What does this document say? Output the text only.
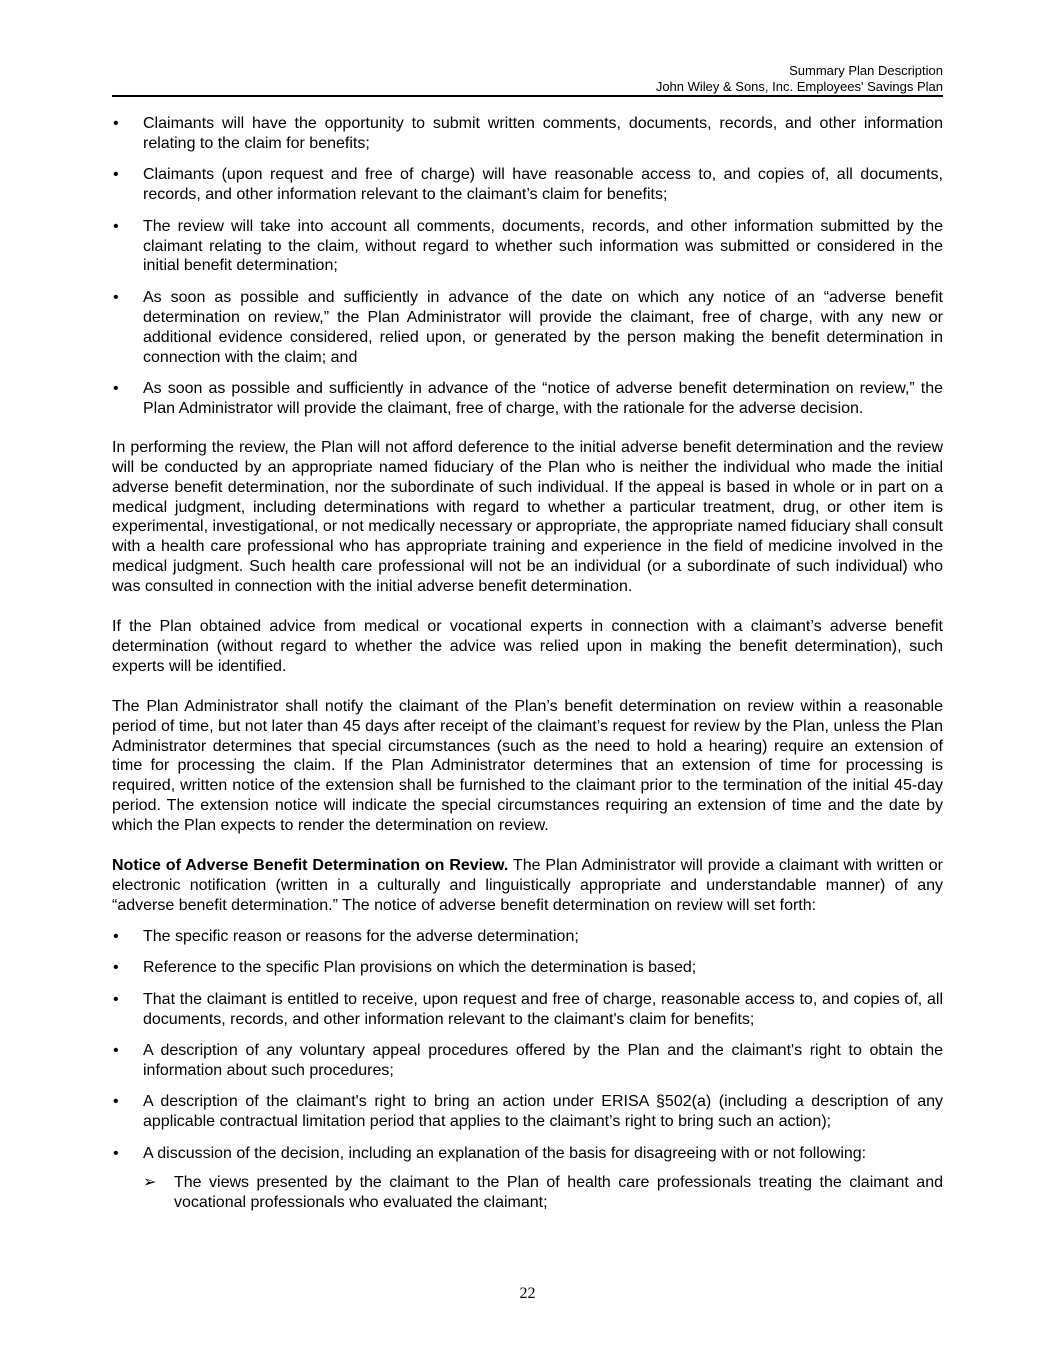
Summary Plan Description
John Wiley & Sons, Inc. Employees' Savings Plan
•	Claimants will have the opportunity to submit written comments, documents, records, and other information relating to the claim for benefits;
•	Claimants (upon request and free of charge) will have reasonable access to, and copies of, all documents, records, and other information relevant to the claimant’s claim for benefits;
•	The review will take into account all comments, documents, records, and other information submitted by the claimant relating to the claim, without regard to whether such information was submitted or considered in the initial benefit determination;
•	As soon as possible and sufficiently in advance of the date on which any notice of an “adverse benefit determination on review,” the Plan Administrator will provide the claimant, free of charge, with any new or additional evidence considered, relied upon, or generated by the person making the benefit determination in connection with the claim; and
•	As soon as possible and sufficiently in advance of the “notice of adverse benefit determination on review,” the Plan Administrator will provide the claimant, free of charge, with the rationale for the adverse decision.

In performing the review, the Plan will not afford deference to the initial adverse benefit determination and the review will be conducted by an appropriate named fiduciary of the Plan who is neither the individual who made the initial adverse benefit determination, nor the subordinate of such individual. If the appeal is based in whole or in part on a medical judgment, including determinations with regard to whether a particular treatment, drug, or other item is experimental, investigational, or not medically necessary or appropriate, the appropriate named fiduciary shall consult with a health care professional who has appropriate training and experience in the field of medicine involved in the medical judgment. Such health care professional will not be an individual (or a subordinate of such individual) who was consulted in connection with the initial adverse benefit determination.

If the Plan obtained advice from medical or vocational experts in connection with a claimant’s adverse benefit determination (without regard to whether the advice was relied upon in making the benefit determination), such experts will be identified.

The Plan Administrator shall notify the claimant of the Plan’s benefit determination on review within a reasonable period of time, but not later than 45 days after receipt of the claimant’s request for review by the Plan, unless the Plan Administrator determines that special circumstances (such as the need to hold a hearing) require an extension of time for processing the claim. If the Plan Administrator determines that an extension of time for processing is required, written notice of the extension shall be furnished to the claimant prior to the termination of the initial 45-day period. The extension notice will indicate the special circumstances requiring an extension of time and the date by which the Plan expects to render the determination on review.

Notice of Adverse Benefit Determination on Review. The Plan Administrator will provide a claimant with written or electronic notification (written in a culturally and linguistically appropriate and understandable manner) of any “adverse benefit determination.” The notice of adverse benefit determination on review will set forth:

•	The specific reason or reasons for the adverse determination;
•	Reference to the specific Plan provisions on which the determination is based;
•	That the claimant is entitled to receive, upon request and free of charge, reasonable access to, and copies of, all documents, records, and other information relevant to the claimant's claim for benefits;
•	A description of any voluntary appeal procedures offered by the Plan and the claimant's right to obtain the information about such procedures;
•	A description of the claimant's right to bring an action under ERISA §502(a) (including a description of any applicable contractual limitation period that applies to the claimant’s right to bring such an action);
•	A discussion of the decision, including an explanation of the basis for disagreeing with or not following:
➢ The views presented by the claimant to the Plan of health care professionals treating the claimant and vocational professionals who evaluated the claimant;
22
